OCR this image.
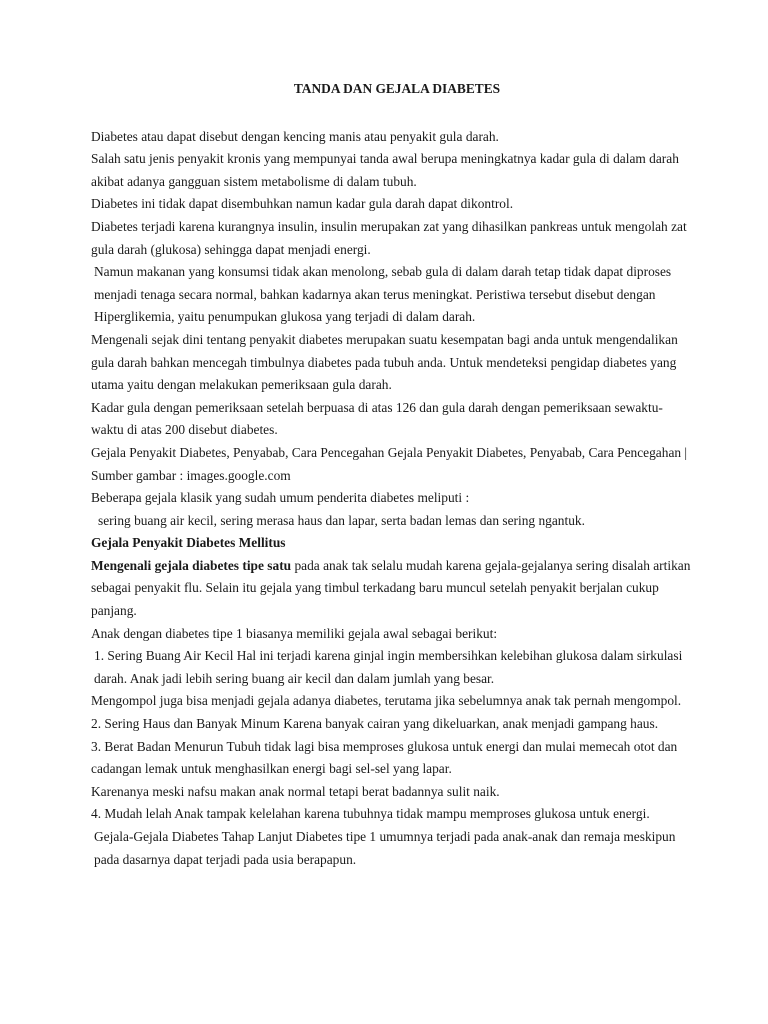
TANDA DAN GEJALA DIABETES

Diabetes atau dapat disebut dengan kencing manis atau penyakit gula darah.

Salah satu jenis penyakit kronis yang mempunyai tanda awal berupa meningkatnya kadar gula di dalam darah akibat adanya gangguan sistem metabolisme di dalam tubuh.

Diabetes ini tidak dapat disembuhkan namun kadar gula darah dapat dikontrol.

Diabetes terjadi karena kurangnya insulin, insulin merupakan zat yang dihasilkan pankreas untuk mengolah zat gula darah (glukosa) sehingga dapat menjadi energi.

Namun makanan yang konsumsi tidak akan menolong, sebab gula di dalam darah tetap tidak dapat diproses menjadi tenaga secara normal, bahkan kadarnya akan terus meningkat. Peristiwa tersebut disebut dengan Hiperglikemia, yaitu penumpukan glukosa yang terjadi di dalam darah.

Mengenali sejak dini tentang penyakit diabetes merupakan suatu kesempatan bagi anda untuk mengendalikan gula darah bahkan mencegah timbulnya diabetes pada tubuh anda. Untuk mendeteksi pengidap diabetes yang utama yaitu dengan melakukan pemeriksaan gula darah.

Kadar gula dengan pemeriksaan setelah berpuasa di atas 126 dan gula darah dengan pemeriksaan sewaktu-waktu di atas 200 disebut diabetes.

Gejala Penyakit Diabetes, Penyabab, Cara Pencegahan Gejala Penyakit Diabetes, Penyabab, Cara Pencegahan | Sumber gambar : images.google.com

Beberapa gejala klasik yang sudah umum penderita diabetes meliputi :

sering buang air kecil, sering merasa haus dan lapar, serta badan lemas dan sering ngantuk.

Gejala Penyakit Diabetes Mellitus

Mengenali gejala diabetes tipe satu pada anak tak selalu mudah karena gejala-gejalanya sering disalah artikan sebagai penyakit flu. Selain itu gejala yang timbul terkadang baru muncul setelah penyakit berjalan cukup panjang.

Anak dengan diabetes tipe 1 biasanya memiliki gejala awal sebagai berikut:

1. Sering Buang Air Kecil Hal ini terjadi karena ginjal ingin membersihkan kelebihan glukosa dalam sirkulasi darah. Anak jadi lebih sering buang air kecil dan dalam jumlah yang besar.

Mengompol juga bisa menjadi gejala adanya diabetes, terutama jika sebelumnya anak tak pernah mengompol.

2. Sering Haus dan Banyak Minum Karena banyak cairan yang dikeluarkan, anak menjadi gampang haus.

3. Berat Badan Menurun Tubuh tidak lagi bisa memproses glukosa untuk energi dan mulai memecah otot dan cadangan lemak untuk menghasilkan energi bagi sel-sel yang lapar.

Karenanya meski nafsu makan anak normal tetapi berat badannya sulit naik.

4. Mudah lelah Anak tampak kelelahan karena tubuhnya tidak mampu memproses glukosa untuk energi.

Gejala-Gejala Diabetes Tahap Lanjut Diabetes tipe 1 umumnya terjadi pada anak-anak dan remaja meskipun pada dasarnya dapat terjadi pada usia berapapun.
